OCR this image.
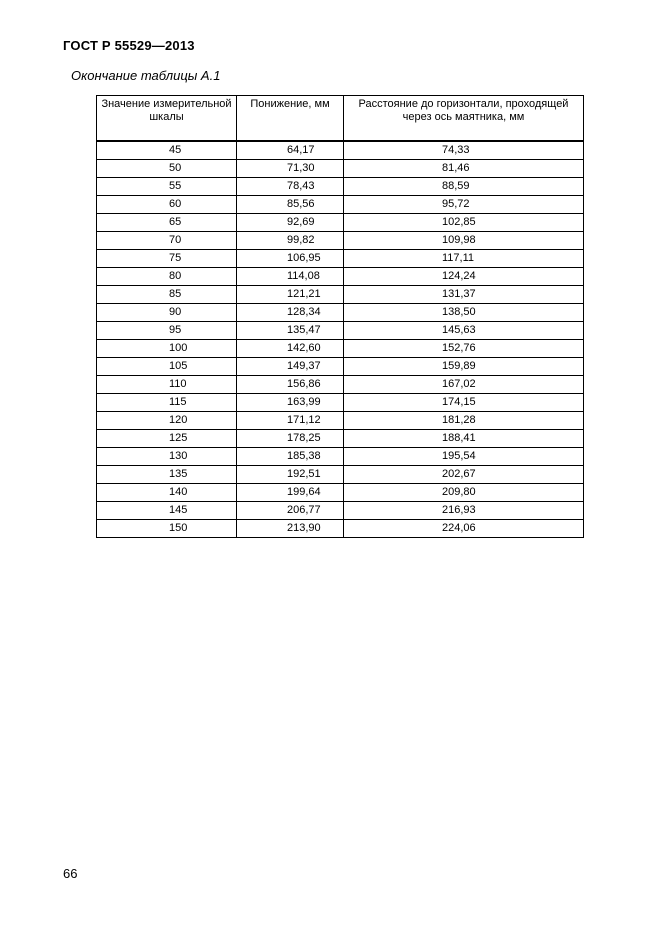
ГОСТ Р 55529—2013
Окончание таблицы А.1
Значение измерительной шкалы	Понижение, мм	Расстояние до горизонтали, проходящей через ось маятника, мм
45	64,17	74,33
50	71,30	81,46
55	78,43	88,59
60	85,56	95,72
65	92,69	102,85
70	99,82	109,98
75	106,95	117,11
80	114,08	124,24
85	121,21	131,37
90	128,34	138,50
95	135,47	145,63
100	142,60	152,76
105	149,37	159,89
110	156,86	167,02
115	163,99	174,15
120	171,12	181,28
125	178,25	188,41
130	185,38	195,54
135	192,51	202,67
140	199,64	209,80
145	206,77	216,93
150	213,90	224,06
66
